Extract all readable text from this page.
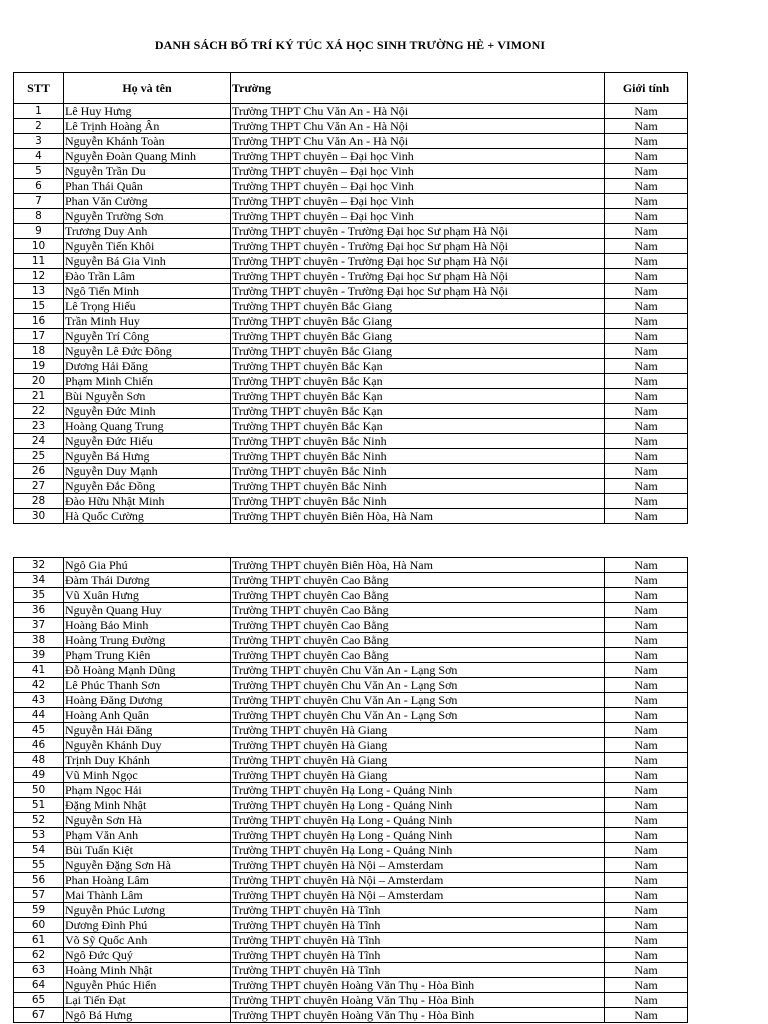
DANH SÁCH BỐ TRÍ KÝ TÚC XÁ HỌC SINH TRƯỜNG HÈ + VIMONI
STT	Họ và tên	Trường	Giới tính
1	Lê Huy Hưng	Trường THPT Chu Văn An - Hà Nội	Nam
2	Lê Trịnh Hoàng Ân	Trường THPT Chu Văn An - Hà Nội	Nam
3	Nguyễn Khánh Toàn	Trường THPT Chu Văn An - Hà Nội	Nam
4	Nguyễn Đoàn Quang Minh	Trường THPT chuyên – Đại học Vinh	Nam
5	Nguyễn Trần Du	Trường THPT chuyên – Đại học Vinh	Nam
6	Phan Thái Quân	Trường THPT chuyên – Đại học Vinh	Nam
7	Phan Văn Cường	Trường THPT chuyên – Đại học Vinh	Nam
8	Nguyễn Trường Sơn	Trường THPT chuyên – Đại học Vinh	Nam
9	Trương Duy Anh	Trường THPT chuyên - Trường Đại học Sư phạm Hà Nội	Nam
10	Nguyễn Tiến Khôi	Trường THPT chuyên - Trường Đại học Sư phạm Hà Nội	Nam
11	Nguyễn Bá Gia Vinh	Trường THPT chuyên - Trường Đại học Sư phạm Hà Nội	Nam
12	Đào Trần Lâm	Trường THPT chuyên - Trường Đại học Sư phạm Hà Nội	Nam
13	Ngô Tiến Minh	Trường THPT chuyên - Trường Đại học Sư phạm Hà Nội	Nam
15	Lê Trọng Hiếu	Trường THPT chuyên Bắc Giang	Nam
16	Trần Minh Huy	Trường THPT chuyên Bắc Giang	Nam
17	Nguyễn Trí Công	Trường THPT chuyên Bắc Giang	Nam
18	Nguyễn Lê Đức Đông	Trường THPT chuyên Bắc Giang	Nam
19	Dương Hải Đăng	Trường THPT chuyên Bắc Kạn	Nam
20	Phạm Minh Chiến	Trường THPT chuyên Bắc Kạn	Nam
21	Bùi Nguyễn Sơn	Trường THPT chuyên Bắc Kạn	Nam
22	Nguyễn Đức Minh	Trường THPT chuyên Bắc Kạn	Nam
23	Hoàng Quang Trung	Trường THPT chuyên Bắc Kạn	Nam
24	Nguyễn Đức Hiếu	Trường THPT chuyên Bắc Ninh	Nam
25	Nguyễn Bá Hưng	Trường THPT chuyên Bắc Ninh	Nam
26	Nguyễn Duy Mạnh	Trường THPT chuyên Bắc Ninh	Nam
27	Nguyễn Đắc Đồng	Trường THPT chuyên Bắc Ninh	Nam
28	Đào Hữu Nhật Minh	Trường THPT chuyên Bắc Ninh	Nam
30	Hà Quốc Cường	Trường THPT chuyên Biên Hòa, Hà Nam	Nam
32	Ngô Gia Phú	Trường THPT chuyên Biên Hòa, Hà Nam	Nam
34	Đàm Thái Dương	Trường THPT chuyên Cao Bằng	Nam
35	Vũ Xuân Hưng	Trường THPT chuyên Cao Bằng	Nam
36	Nguyễn Quang Huy	Trường THPT chuyên Cao Bằng	Nam
37	Hoàng Bảo Minh	Trường THPT chuyên Cao Bằng	Nam
38	Hoàng Trung Đường	Trường THPT chuyên Cao Bằng	Nam
39	Phạm Trung Kiên	Trường THPT chuyên Cao Bằng	Nam
41	Đỗ Hoàng Mạnh Dũng	Trường THPT chuyên Chu Văn An - Lạng Sơn	Nam
42	Lê Phúc Thanh Sơn	Trường THPT chuyên Chu Văn An - Lạng Sơn	Nam
43	Hoàng Đăng Dương	Trường THPT chuyên Chu Văn An - Lạng Sơn	Nam
44	Hoàng Anh Quân	Trường THPT chuyên Chu Văn An - Lạng Sơn	Nam
45	Nguyễn Hải Đăng	Trường THPT chuyên Hà Giang	Nam
46	Nguyễn Khánh Duy	Trường THPT chuyên Hà Giang	Nam
48	Trịnh Duy Khánh	Trường THPT chuyên Hà Giang	Nam
49	Vũ Minh Ngọc	Trường THPT chuyên Hà Giang	Nam
50	Phạm Ngọc Hải	Trường THPT chuyên Hạ Long - Quảng Ninh	Nam
51	Đặng Minh Nhật	Trường THPT chuyên Hạ Long - Quảng Ninh	Nam
52	Nguyễn Sơn Hà	Trường THPT chuyên Hạ Long - Quảng Ninh	Nam
53	Phạm Văn Anh	Trường THPT chuyên Hạ Long - Quảng Ninh	Nam
54	Bùi Tuấn Kiệt	Trường THPT chuyên Hạ Long - Quảng Ninh	Nam
55	Nguyễn Đặng Sơn Hà	Trường THPT chuyên Hà Nội – Amsterdam	Nam
56	Phan Hoàng Lâm	Trường THPT chuyên Hà Nội – Amsterdam	Nam
57	Mai Thành Lâm	Trường THPT chuyên Hà Nội – Amsterdam	Nam
59	Nguyễn Phúc Lương	Trường THPT chuyên Hà Tĩnh	Nam
60	Dương Đình Phú	Trường THPT chuyên Hà Tĩnh	Nam
61	Võ Sỹ Quốc Anh	Trường THPT chuyên Hà Tĩnh	Nam
62	Ngô Đức Quý	Trường THPT chuyên Hà Tĩnh	Nam
63	Hoàng Minh Nhật	Trường THPT chuyên Hà Tĩnh	Nam
64	Nguyễn Phúc Hiển	Trường THPT chuyên Hoàng Văn Thụ - Hòa Bình	Nam
65	Lại Tiến Đạt	Trường THPT chuyên Hoàng Văn Thụ - Hòa Bình	Nam
67	Ngô Bá Hưng	Trường THPT chuyên Hoàng Văn Thụ - Hòa Bình	Nam
